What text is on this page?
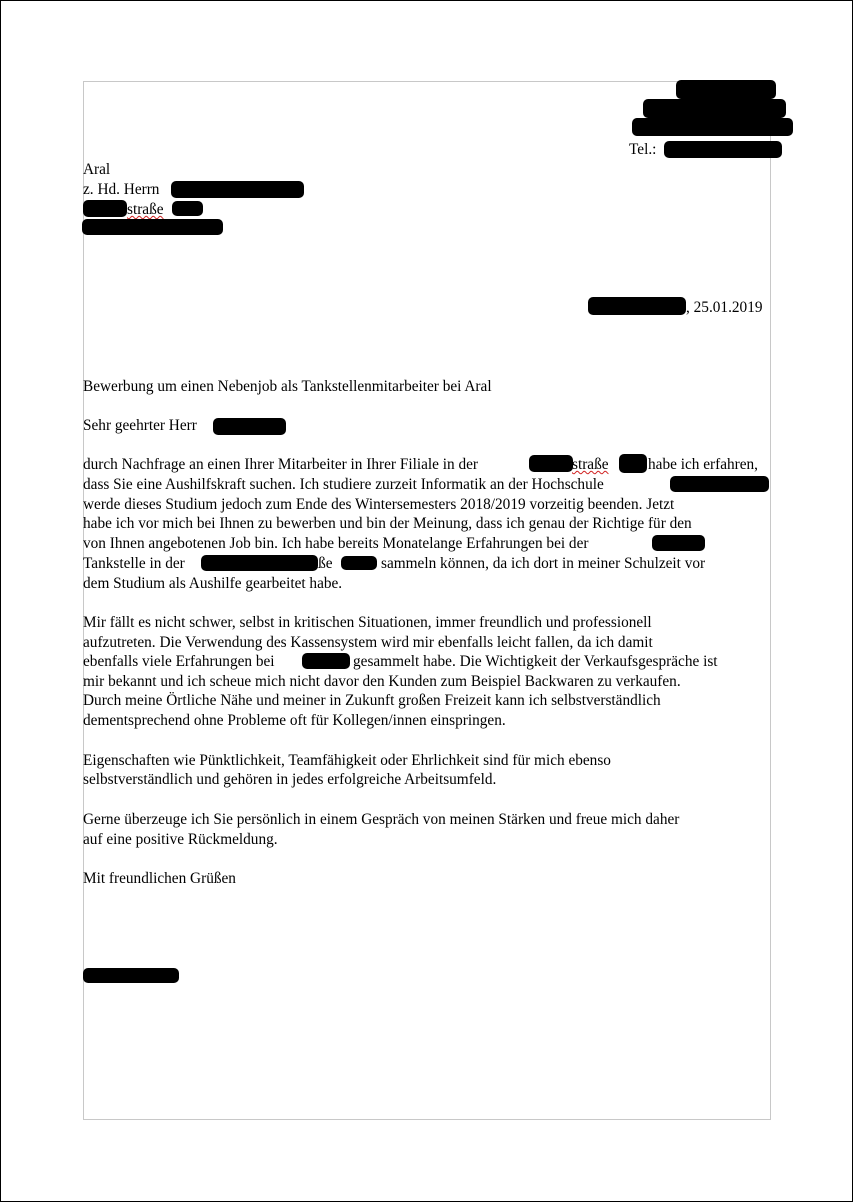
Tel.:
Aral
z. Hd. Herrn
straße
, 25.01.2019
Bewerbung um einen Nebenjob als Tankstellenmitarbeiter bei Aral
Sehr geehrter Herr
durch Nachfrage an einen Ihrer Mitarbeiter in Ihrer Filiale in der	straße	habe ich erfahren,
dass Sie eine Aushilfskraft suchen. Ich studiere zurzeit Informatik an der Hochschule
werde dieses Studium jedoch zum Ende des Wintersemesters 2018/2019 vorzeitig beenden. Jetzt
habe ich vor mich bei Ihnen zu bewerben und bin der Meinung, dass ich genau der Richtige für den
von Ihnen angebotenen Job bin. Ich habe bereits Monatelange Erfahrungen bei der
Tankstelle in der	traße	sammeln können, da ich dort in meiner Schulzeit vor
dem Studium als Aushilfe gearbeitet habe.
Mir fällt es nicht schwer, selbst in kritischen Situationen, immer freundlich und professionell
aufzutreten. Die Verwendung des Kassensystem wird mir ebenfalls leicht fallen, da ich damit
ebenfalls viele Erfahrungen bei	gesammelt habe. Die Wichtigkeit der Verkaufsgespräche ist
mir bekannt und ich scheue mich nicht davor den Kunden zum Beispiel Backwaren zu verkaufen.
Durch meine Örtliche Nähe und meiner in Zukunft großen Freizeit kann ich selbstverständlich
dementsprechend ohne Probleme oft für Kollegen/innen einspringen.
Eigenschaften wie Pünktlichkeit, Teamfähigkeit oder Ehrlichkeit sind für mich ebenso
selbstverständlich und gehören in jedes erfolgreiche Arbeitsumfeld.
Gerne überzeuge ich Sie persönlich in einem Gespräch von meinen Stärken und freue mich daher
auf eine positive Rückmeldung.
Mit freundlichen Grüßen
